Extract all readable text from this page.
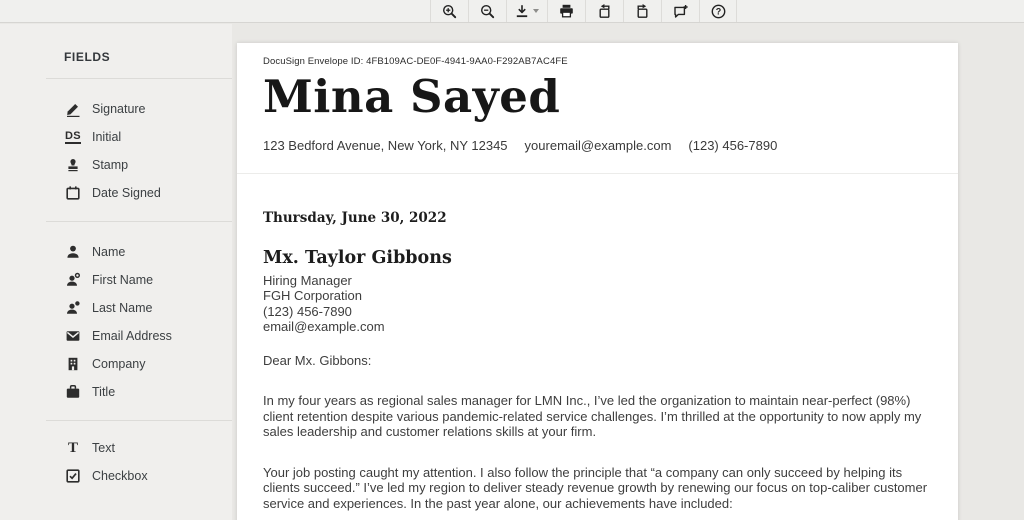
?
FIELDS
Signature
DS Initial
Stamp
Date Signed
Name
First Name
Last Name
Email Address
Company
Title
T Text
Checkbox
DocuSign Envelope ID: 4FB109AC-DE0F-4941-9AA0-F292AB7AC4FE
Mina Sayed
123 Bedford Avenue, New York, NY 12345 youremail@example.com (123) 456-7890
Thursday, June 30, 2022
Mx. Taylor Gibbons
Hiring Manager
FGH Corporation
(123) 456-7890
email@example.com
Dear Mx. Gibbons:

In my four years as regional sales manager for LMN Inc., I’ve led the organization to maintain near-perfect (98%) client retention despite various pandemic-related service challenges. I’m thrilled at the opportunity to now apply my sales leadership and customer relations skills at your firm.

Your job posting caught my attention. I also follow the principle that “a company can only succeed by helping its clients succeed.” I’ve led my region to deliver steady revenue growth by renewing our focus on top-caliber customer service and experiences. In the past year alone, our achievements have included:
